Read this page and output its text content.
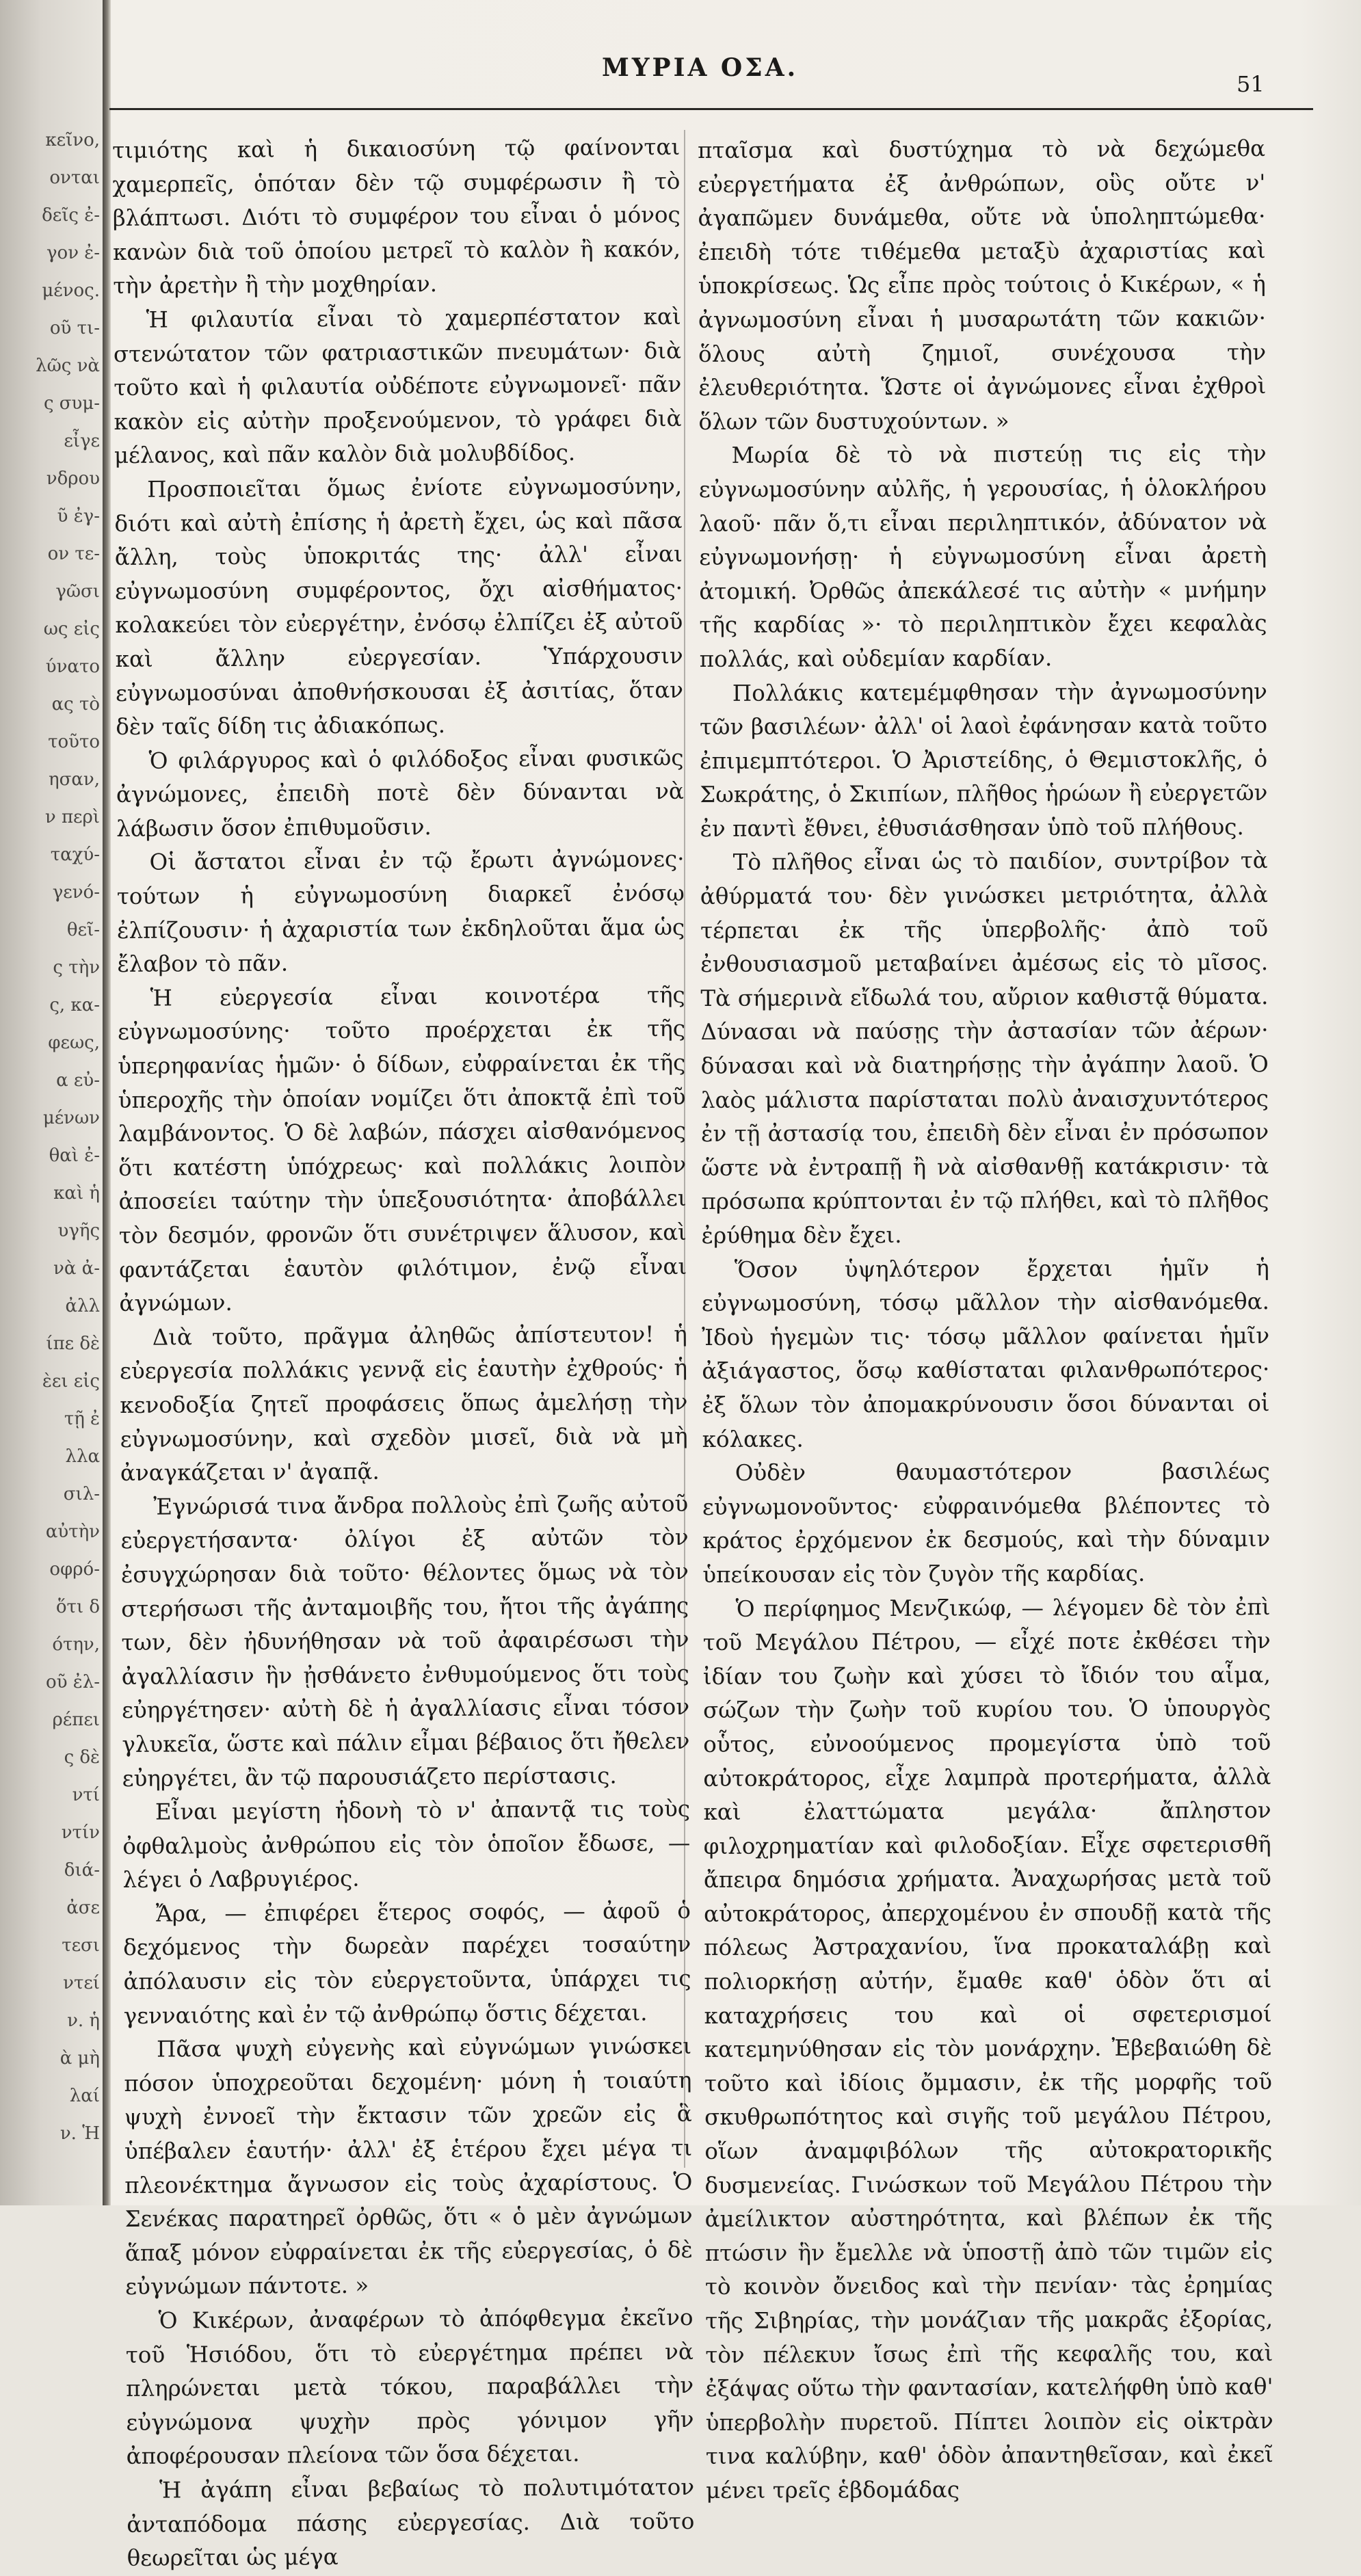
κεῖνο,
ονται
δεῖς ἐ-
γον ἐ-
μένος.
οῦ τι-
λῶς νὰ
ς συμ-
εἶγε
νδρου
ῦ ἐγ-
ον τε-
γῶσι
ως εἰς
ύνατο
ας τὸ
τοῦτο
ησαν,
ν περὶ
ταχύ-
γενό-
θεῖ-
ς τὴν
ς, κα-
φεως,
α εὐ-
μένων
θαὶ ἐ-
καὶ ἡ
υγῆς
νὰ ἀ-
ἀλλ
ίπε δὲ
ὲει εἰς
τῇ ἐ
λλα
σιλ-
αὐτὴν
οφρό-
ὅτι δ
ότην,
οῦ ἐλ-
ρέπει
ς δὲ
ντί
ντίν
διά-
ἀσε
τεσι
ντεί
ν. ἡ
ὰ μὴ
λαί
ν. Ἡ
ΜΥΡΙΑ ΟΣΑ.
51

τιμιότης καὶ ἡ δικαιοσύνη τῷ φαίνονται χαμερπεῖς, ὁπόταν δὲν τῷ συμφέρωσιν ἢ τὸ βλάπτωσι. Διότι τὸ συμφέρον του εἶναι ὁ μόνος κανὼν διὰ τοῦ ὁποίου μετρεῖ τὸ καλὸν ἢ κακόν, τὴν ἀρετὴν ἢ τὴν μοχθηρίαν.

Ἡ φιλαυτία εἶναι τὸ χαμερπέστατον καὶ στενώτατον τῶν φατριαστικῶν πνευμάτων· διὰ τοῦτο καὶ ἡ φιλαυτία οὐδέποτε εὐγνωμονεῖ· πᾶν κακὸν εἰς αὐτὴν προξενούμενον, τὸ γράφει διὰ μέλανος, καὶ πᾶν καλὸν διὰ μολυβδίδος.

Προσποιεῖται ὅμως ἐνίοτε εὐγνωμοσύνην, διότι καὶ αὐτὴ ἐπίσης ἡ ἀρετὴ ἔχει, ὡς καὶ πᾶσα ἄλλη, τοὺς ὑποκριτάς της· ἀλλ' εἶναι εὐγνωμοσύνη συμφέροντος, ὄχι αἰσθήματος· κολακεύει τὸν εὐεργέτην, ἐνόσῳ ἐλπίζει ἐξ αὐτοῦ καὶ ἄλλην εὐεργεσίαν. Ὑπάρχουσιν εὐγνωμοσύναι ἀποθνήσκουσαι ἐξ ἀσιτίας, ὅταν δὲν ταῖς δίδη τις ἀδιακόπως.

Ὁ φιλάργυρος καὶ ὁ φιλόδοξος εἶναι φυσικῶς ἀγνώμονες, ἐπειδὴ ποτὲ δὲν δύνανται νὰ λάβωσιν ὅσον ἐπιθυμοῦσιν.

Οἱ ἄστατοι εἶναι ἐν τῷ ἔρωτι ἀγνώμονες· τούτων ἡ εὐγνωμοσύνη διαρκεῖ ἐνόσῳ ἐλπίζουσιν· ἡ ἀχαριστία των ἐκδηλοῦται ἅμα ὡς ἔλαβον τὸ πᾶν.

Ἡ εὐεργεσία εἶναι κοινοτέρα τῆς εὐγνωμοσύνης· τοῦτο προέρχεται ἐκ τῆς ὑπερηφανίας ἡμῶν· ὁ δίδων, εὐφραίνεται ἐκ τῆς ὑπεροχῆς τὴν ὁποίαν νομίζει ὅτι ἀποκτᾷ ἐπὶ τοῦ λαμβάνοντος. Ὁ δὲ λαβών, πάσχει αἰσθανόμενος ὅτι κατέστη ὑπόχρεως· καὶ πολλάκις λοιπὸν ἀποσείει ταύτην τὴν ὑπεξουσιότητα· ἀποβάλλει τὸν δεσμόν, φρονῶν ὅτι συνέτριψεν ἅλυσον, καὶ φαντάζεται ἑαυτὸν φιλότιμον, ἐνῷ εἶναι ἀγνώμων.

Διὰ τοῦτο, πρᾶγμα ἀληθῶς ἀπίστευτον! ἡ εὐεργεσία πολλάκις γεννᾷ εἰς ἑαυτὴν ἐχθρούς· ἡ κενοδοξία ζητεῖ προφάσεις ὅπως ἀμελήσῃ τὴν εὐγνωμοσύνην, καὶ σχεδὸν μισεῖ, διὰ νὰ μὴ ἀναγκάζεται ν' ἀγαπᾷ.

Ἐγνώρισά τινα ἄνδρα πολλοὺς ἐπὶ ζωῆς αὐτοῦ εὐεργετήσαντα· ὀλίγοι ἐξ αὐτῶν τὸν ἐσυγχώρησαν διὰ τοῦτο· θέλοντες ὅμως νὰ τὸν στερήσωσι τῆς ἀνταμοιβῆς του, ἤτοι τῆς ἀγάπης των, δὲν ἠδυνήθησαν νὰ τοῦ ἀφαιρέσωσι τὴν ἀγαλλίασιν ἣν ᾐσθάνετο ἐνθυμούμενος ὅτι τοὺς εὐηργέτησεν· αὐτὴ δὲ ἡ ἀγαλλίασις εἶναι τόσον γλυκεῖα, ὥστε καὶ πάλιν εἶμαι βέβαιος ὅτι ἤθελεν εὐηργέτει, ἂν τῷ παρουσιάζετο περίστασις.

Εἶναι μεγίστη ἡδονὴ τὸ ν' ἀπαντᾷ τις τοὺς ὀφθαλμοὺς ἀνθρώπου εἰς τὸν ὁποῖον ἔδωσε, — λέγει ὁ Λαβρυγιέρος.

Ἄρα, — ἐπιφέρει ἕτερος σοφός, — ἀφοῦ ὁ δεχόμενος τὴν δωρεὰν παρέχει τοσαύτην ἀπόλαυσιν εἰς τὸν εὐεργετοῦντα, ὑπάρχει τις γενναιότης καὶ ἐν τῷ ἀνθρώπῳ ὅστις δέχεται.

Πᾶσα ψυχὴ εὐγενὴς καὶ εὐγνώμων γινώσκει πόσον ὑποχρεοῦται δεχομένη· μόνη ἡ τοιαύτη ψυχὴ ἐννοεῖ τὴν ἔκτασιν τῶν χρεῶν εἰς ἃ ὑπέβαλεν ἑαυτήν· ἀλλ' ἐξ ἑτέρου ἔχει μέγα τι πλεονέκτημα ἄγνωσον εἰς τοὺς ἀχαρίστους. Ὁ Σενέκας παρατηρεῖ ὀρθῶς, ὅτι « ὁ μὲν ἀγνώμων ἅπαξ μόνον εὐφραίνεται ἐκ τῆς εὐεργεσίας, ὁ δὲ εὐγνώμων πάντοτε. »

Ὁ Κικέρων, ἀναφέρων τὸ ἀπόφθεγμα ἐκεῖνο τοῦ Ἡσιόδου, ὅτι τὸ εὐεργέτημα πρέπει νὰ πληρώνεται μετὰ τόκου, παραβάλλει τὴν εὐγνώμονα ψυχὴν πρὸς γόνιμον γῆν ἀποφέρουσαν πλείονα τῶν ὅσα δέχεται.

Ἡ ἀγάπη εἶναι βεβαίως τὸ πολυτιμότατον ἀνταπόδομα πάσης εὐεργεσίας. Διὰ τοῦτο θεωρεῖται ὡς μέγα

πταῖσμα καὶ δυστύχημα τὸ νὰ δεχώμεθα εὐεργετήματα ἐξ ἀνθρώπων, οὓς οὔτε ν' ἀγαπῶμεν δυνάμεθα, οὔτε νὰ ὑποληπτώμεθα· ἐπειδὴ τότε τιθέμεθα μεταξὺ ἀχαριστίας καὶ ὑποκρίσεως. Ὡς εἶπε πρὸς τούτοις ὁ Κικέρων, « ἡ ἀγνωμοσύνη εἶναι ἡ μυσαρωτάτη τῶν κακιῶν· ὅλους αὐτὴ ζημιοῖ, συνέχουσα τὴν ἐλευθεριότητα. Ὥστε οἱ ἀγνώμονες εἶναι ἐχθροὶ ὅλων τῶν δυστυχούντων. »

Μωρία δὲ τὸ νὰ πιστεύῃ τις εἰς τὴν εὐγνωμοσύνην αὐλῆς, ἡ γερουσίας, ἡ ὁλοκλήρου λαοῦ· πᾶν ὅ,τι εἶναι περιληπτικόν, ἀδύνατον νὰ εὐγνωμονήσῃ· ἡ εὐγνωμοσύνη εἶναι ἀρετὴ ἀτομική. Ὀρθῶς ἀπεκάλεσέ τις αὐτὴν « μνήμην τῆς καρδίας »· τὸ περιληπτικὸν ἔχει κεφαλὰς πολλάς, καὶ οὐδεμίαν καρδίαν.

Πολλάκις κατεμέμφθησαν τὴν ἀγνωμοσύνην τῶν βασιλέων· ἀλλ' οἱ λαοὶ ἐφάνησαν κατὰ τοῦτο ἐπιμεμπτότεροι. Ὁ Ἀριστείδης, ὁ Θεμιστοκλῆς, ὁ Σωκράτης, ὁ Σκιπίων, πλῆθος ἡρώων ἢ εὐεργετῶν ἐν παντὶ ἔθνει, ἐθυσιάσθησαν ὑπὸ τοῦ πλήθους.

Τὸ πλῆθος εἶναι ὡς τὸ παιδίον, συντρίβον τὰ ἀθύρματά του· δὲν γινώσκει μετριότητα, ἀλλὰ τέρπεται ἐκ τῆς ὑπερβολῆς· ἀπὸ τοῦ ἐνθουσιασμοῦ μεταβαίνει ἀμέσως εἰς τὸ μῖσος. Τὰ σήμερινὰ εἴδωλά του, αὔριον καθιστᾷ θύματα. Δύνασαι νὰ παύσῃς τὴν ἀστασίαν τῶν ἀέρων· δύνασαι καὶ νὰ διατηρήσῃς τὴν ἀγάπην λαοῦ. Ὁ λαὸς μάλιστα παρίσταται πολὺ ἀναισχυντότερος ἐν τῇ ἀστασίᾳ του, ἐπειδὴ δὲν εἶναι ἐν πρόσωπον ὥστε νὰ ἐντραπῇ ἢ νὰ αἰσθανθῇ κατάκρισιν· τὰ πρόσωπα κρύπτονται ἐν τῷ πλήθει, καὶ τὸ πλῆθος ἐρύθημα δὲν ἔχει.

Ὅσον ὑψηλότερον ἔρχεται ἡμῖν ἡ εὐγνωμοσύνη, τόσῳ μᾶλλον τὴν αἰσθανόμεθα. Ἰδοὺ ἡγεμὼν τις· τόσῳ μᾶλλον φαίνεται ἡμῖν ἀξιάγαστος, ὅσῳ καθίσταται φιλανθρωπότερος· ἐξ ὅλων τὸν ἀπομακρύνουσιν ὅσοι δύνανται οἱ κόλακες.

Οὐδὲν θαυμαστότερον βασιλέως εὐγνωμονοῦντος· εὐφραινόμεθα βλέποντες τὸ κράτος ἐρχόμενον ἐκ δεσμούς, καὶ τὴν δύναμιν ὑπείκουσαν εἰς τὸν ζυγὸν τῆς καρδίας.

Ὁ περίφημος Μενζικώφ, — λέγομεν δὲ τὸν ἐπὶ τοῦ Μεγάλου Πέτρου, — εἶχέ ποτε ἐκθέσει τὴν ἰδίαν του ζωὴν καὶ χύσει τὸ ἴδιόν του αἷμα, σώζων τὴν ζωὴν τοῦ κυρίου του. Ὁ ὑπουργὸς οὗτος, εὐνοούμενος προμεγίστα ὑπὸ τοῦ αὐτοκράτορος, εἶχε λαμπρὰ προτερήματα, ἀλλὰ καὶ ἐλαττώματα μεγάλα· ἄπληστον φιλοχρηματίαν καὶ φιλοδοξίαν. Εἶχε σφετερισθῆ ἄπειρα δημόσια χρήματα. Ἀναχωρήσας μετὰ τοῦ αὐτοκράτορος, ἀπερχομένου ἐν σπουδῇ κατὰ τῆς πόλεως Ἀστραχανίου, ἵνα προκαταλάβῃ καὶ πολιορκήσῃ αὐτήν, ἔμαθε καθ' ὁδὸν ὅτι αἱ καταχρήσεις του καὶ οἱ σφετερισμοί κατεμηνύθησαν εἰς τὸν μονάρχην. Ἐβεβαιώθη δὲ τοῦτο καὶ ἰδίοις ὄμμασιν, ἐκ τῆς μορφῆς τοῦ σκυθρωπότητος καὶ σιγῆς τοῦ μεγάλου Πέτρου, οἵων ἀναμφιβόλων τῆς αὐτοκρατορικῆς δυσμενείας. Γινώσκων τοῦ Μεγάλου Πέτρου τὴν ἀμείλικτον αὐστηρότητα, καὶ βλέπων ἐκ τῆς πτώσιν ἣν ἔμελλε νὰ ὑποστῇ ἀπὸ τῶν τιμῶν εἰς τὸ κοινὸν ὄνειδος καὶ τὴν πενίαν· τὰς ἐρημίας τῆς Σιβηρίας, τὴν μονάζιαν τῆς μακρᾶς ἐξορίας, τὸν πέλεκυν ἴσως ἐπὶ τῆς κεφαλῆς του, καὶ ἐξάψας οὕτω τὴν φαντασίαν, κατελήφθη ὑπὸ καθ' ὑπερβολὴν πυρετοῦ. Πίπτει λοιπὸν εἰς οἰκτρὰν τινα καλύβην, καθ' ὁδὸν ἀπαντηθεῖσαν, καὶ ἐκεῖ μένει τρεῖς ἑβδομάδας
